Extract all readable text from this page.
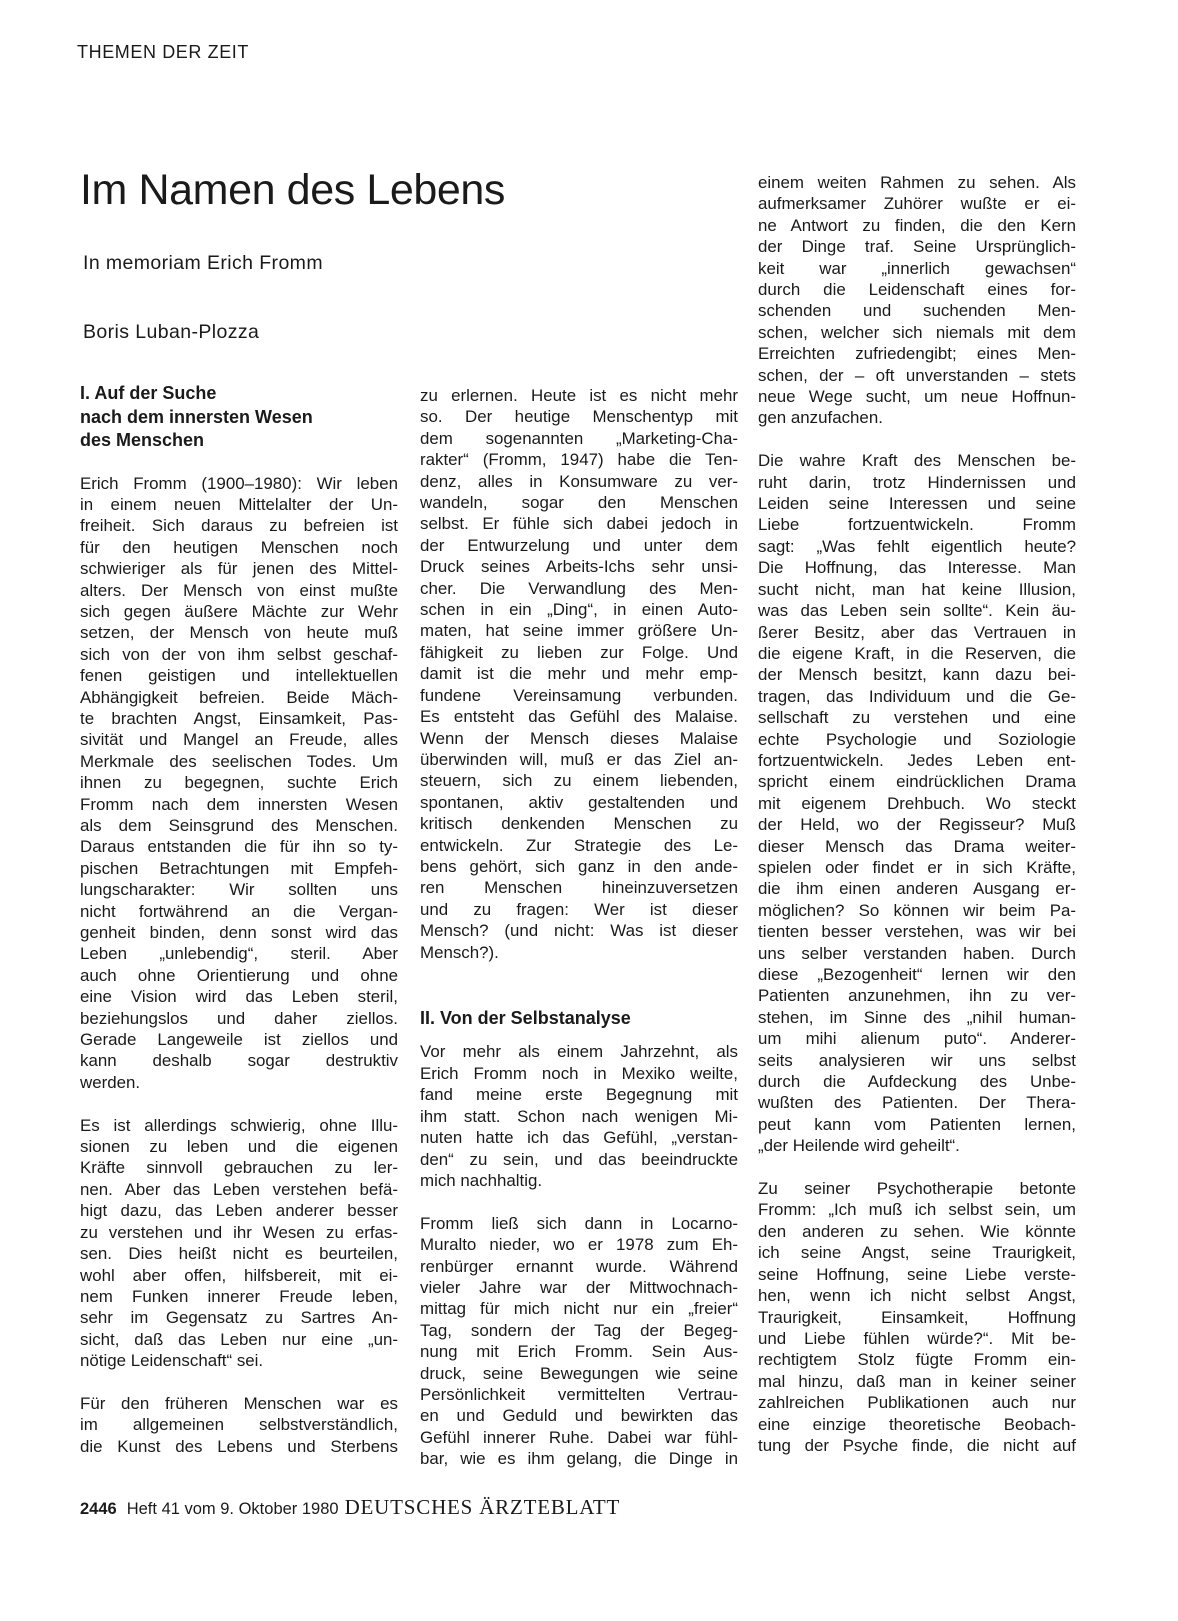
THEMEN DER ZEIT
Im Namen des Lebens
In memoriam Erich Fromm
Boris Luban-Plozza
I. Auf der Suche
nach dem innersten Wesen
des Menschen

Erich Fromm (1900–1980): Wir leben
in einem neuen Mittelalter der Un-
freiheit. Sich daraus zu befreien ist
für den heutigen Menschen noch
schwieriger als für jenen des Mittel-
alters. Der Mensch von einst mußte
sich gegen äußere Mächte zur Wehr
setzen, der Mensch von heute muß
sich von der von ihm selbst geschaf-
fenen geistigen und intellektuellen
Abhängigkeit befreien. Beide Mäch-
te brachten Angst, Einsamkeit, Pas-
sivität und Mangel an Freude, alles
Merkmale des seelischen Todes. Um
ihnen zu begegnen, suchte Erich
Fromm nach dem innersten Wesen
als dem Seinsgrund des Menschen.
Daraus entstanden die für ihn so ty-
pischen Betrachtungen mit Empfeh-
lungscharakter: Wir sollten uns
nicht fortwährend an die Vergan-
genheit binden, denn sonst wird das
Leben „unlebendig“, steril. Aber
auch ohne Orientierung und ohne
eine Vision wird das Leben steril,
beziehungslos und daher ziellos.
Gerade Langeweile ist ziellos und
kann deshalb sogar destruktiv
werden.

Es ist allerdings schwierig, ohne Illu-
sionen zu leben und die eigenen
Kräfte sinnvoll gebrauchen zu ler-
nen. Aber das Leben verstehen befä-
higt dazu, das Leben anderer besser
zu verstehen und ihr Wesen zu erfas-
sen. Dies heißt nicht es beurteilen,
wohl aber offen, hilfsbereit, mit ei-
nem Funken innerer Freude leben,
sehr im Gegensatz zu Sartres An-
sicht, daß das Leben nur eine „un-
nötige Leidenschaft“ sei.

Für den früheren Menschen war es
im allgemeinen selbstverständlich,
die Kunst des Lebens und Sterbens

zu erlernen. Heute ist es nicht mehr
so. Der heutige Menschentyp mit
dem sogenannten „Marketing-Cha-
rakter“ (Fromm, 1947) habe die Ten-
denz, alles in Konsumware zu ver-
wandeln, sogar den Menschen
selbst. Er fühle sich dabei jedoch in
der Entwurzelung und unter dem
Druck seines Arbeits-Ichs sehr unsi-
cher. Die Verwandlung des Men-
schen in ein „Ding“, in einen Auto-
maten, hat seine immer größere Un-
fähigkeit zu lieben zur Folge. Und
damit ist die mehr und mehr emp-
fundene Vereinsamung verbunden.
Es entsteht das Gefühl des Malaise.
Wenn der Mensch dieses Malaise
überwinden will, muß er das Ziel an-
steuern, sich zu einem liebenden,
spontanen, aktiv gestaltenden und
kritisch denkenden Menschen zu
entwickeln. Zur Strategie des Le-
bens gehört, sich ganz in den ande-
ren Menschen hineinzuversetzen
und zu fragen: Wer ist dieser
Mensch? (und nicht: Was ist dieser
Mensch?).

II. Von der Selbstanalyse

Vor mehr als einem Jahrzehnt, als
Erich Fromm noch in Mexiko weilte,
fand meine erste Begegnung mit
ihm statt. Schon nach wenigen Mi-
nuten hatte ich das Gefühl, „verstan-
den“ zu sein, und das beeindruckte
mich nachhaltig.

Fromm ließ sich dann in Locarno-
Muralto nieder, wo er 1978 zum Eh-
renbürger ernannt wurde. Während
vieler Jahre war der Mittwochnach-
mittag für mich nicht nur ein „freier“
Tag, sondern der Tag der Begeg-
nung mit Erich Fromm. Sein Aus-
druck, seine Bewegungen wie seine
Persönlichkeit vermittelten Vertrau-
en und Geduld und bewirkten das
Gefühl innerer Ruhe. Dabei war fühl-
bar, wie es ihm gelang, die Dinge in

einem weiten Rahmen zu sehen. Als
aufmerksamer Zuhörer wußte er ei-
ne Antwort zu finden, die den Kern
der Dinge traf. Seine Ursprünglich-
keit war „innerlich gewachsen“
durch die Leidenschaft eines for-
schenden und suchenden Men-
schen, welcher sich niemals mit dem
Erreichten zufriedengibt; eines Men-
schen, der – oft unverstanden – stets
neue Wege sucht, um neue Hoffnun-
gen anzufachen.

Die wahre Kraft des Menschen be-
ruht darin, trotz Hindernissen und
Leiden seine Interessen und seine
Liebe fortzuentwickeln. Fromm
sagt: „Was fehlt eigentlich heute?
Die Hoffnung, das Interesse. Man
sucht nicht, man hat keine Illusion,
was das Leben sein sollte“. Kein äu-
ßerer Besitz, aber das Vertrauen in
die eigene Kraft, in die Reserven, die
der Mensch besitzt, kann dazu bei-
tragen, das Individuum und die Ge-
sellschaft zu verstehen und eine
echte Psychologie und Soziologie
fortzuentwickeln. Jedes Leben ent-
spricht einem eindrücklichen Drama
mit eigenem Drehbuch. Wo steckt
der Held, wo der Regisseur? Muß
dieser Mensch das Drama weiter-
spielen oder findet er in sich Kräfte,
die ihm einen anderen Ausgang er-
möglichen? So können wir beim Pa-
tienten besser verstehen, was wir bei
uns selber verstanden haben. Durch
diese „Bezogenheit“ lernen wir den
Patienten anzunehmen, ihn zu ver-
stehen, im Sinne des „nihil human-
um mihi alienum puto“. Anderer-
seits analysieren wir uns selbst
durch die Aufdeckung des Unbe-
wußten des Patienten. Der Thera-
peut kann vom Patienten lernen,
„der Heilende wird geheilt“.

Zu seiner Psychotherapie betonte
Fromm: „Ich muß ich selbst sein, um
den anderen zu sehen. Wie könnte
ich seine Angst, seine Traurigkeit,
seine Hoffnung, seine Liebe verste-
hen, wenn ich nicht selbst Angst,
Traurigkeit, Einsamkeit, Hoffnung
und Liebe fühlen würde?“. Mit be-
rechtigtem Stolz fügte Fromm ein-
mal hinzu, daß man in keiner seiner
zahlreichen Publikationen auch nur
eine einzige theoretische Beobach-
tung der Psyche finde, die nicht auf

2446 Heft 41 vom 9. Oktober 1980 DEUTSCHES ÄRZTEBLATT
